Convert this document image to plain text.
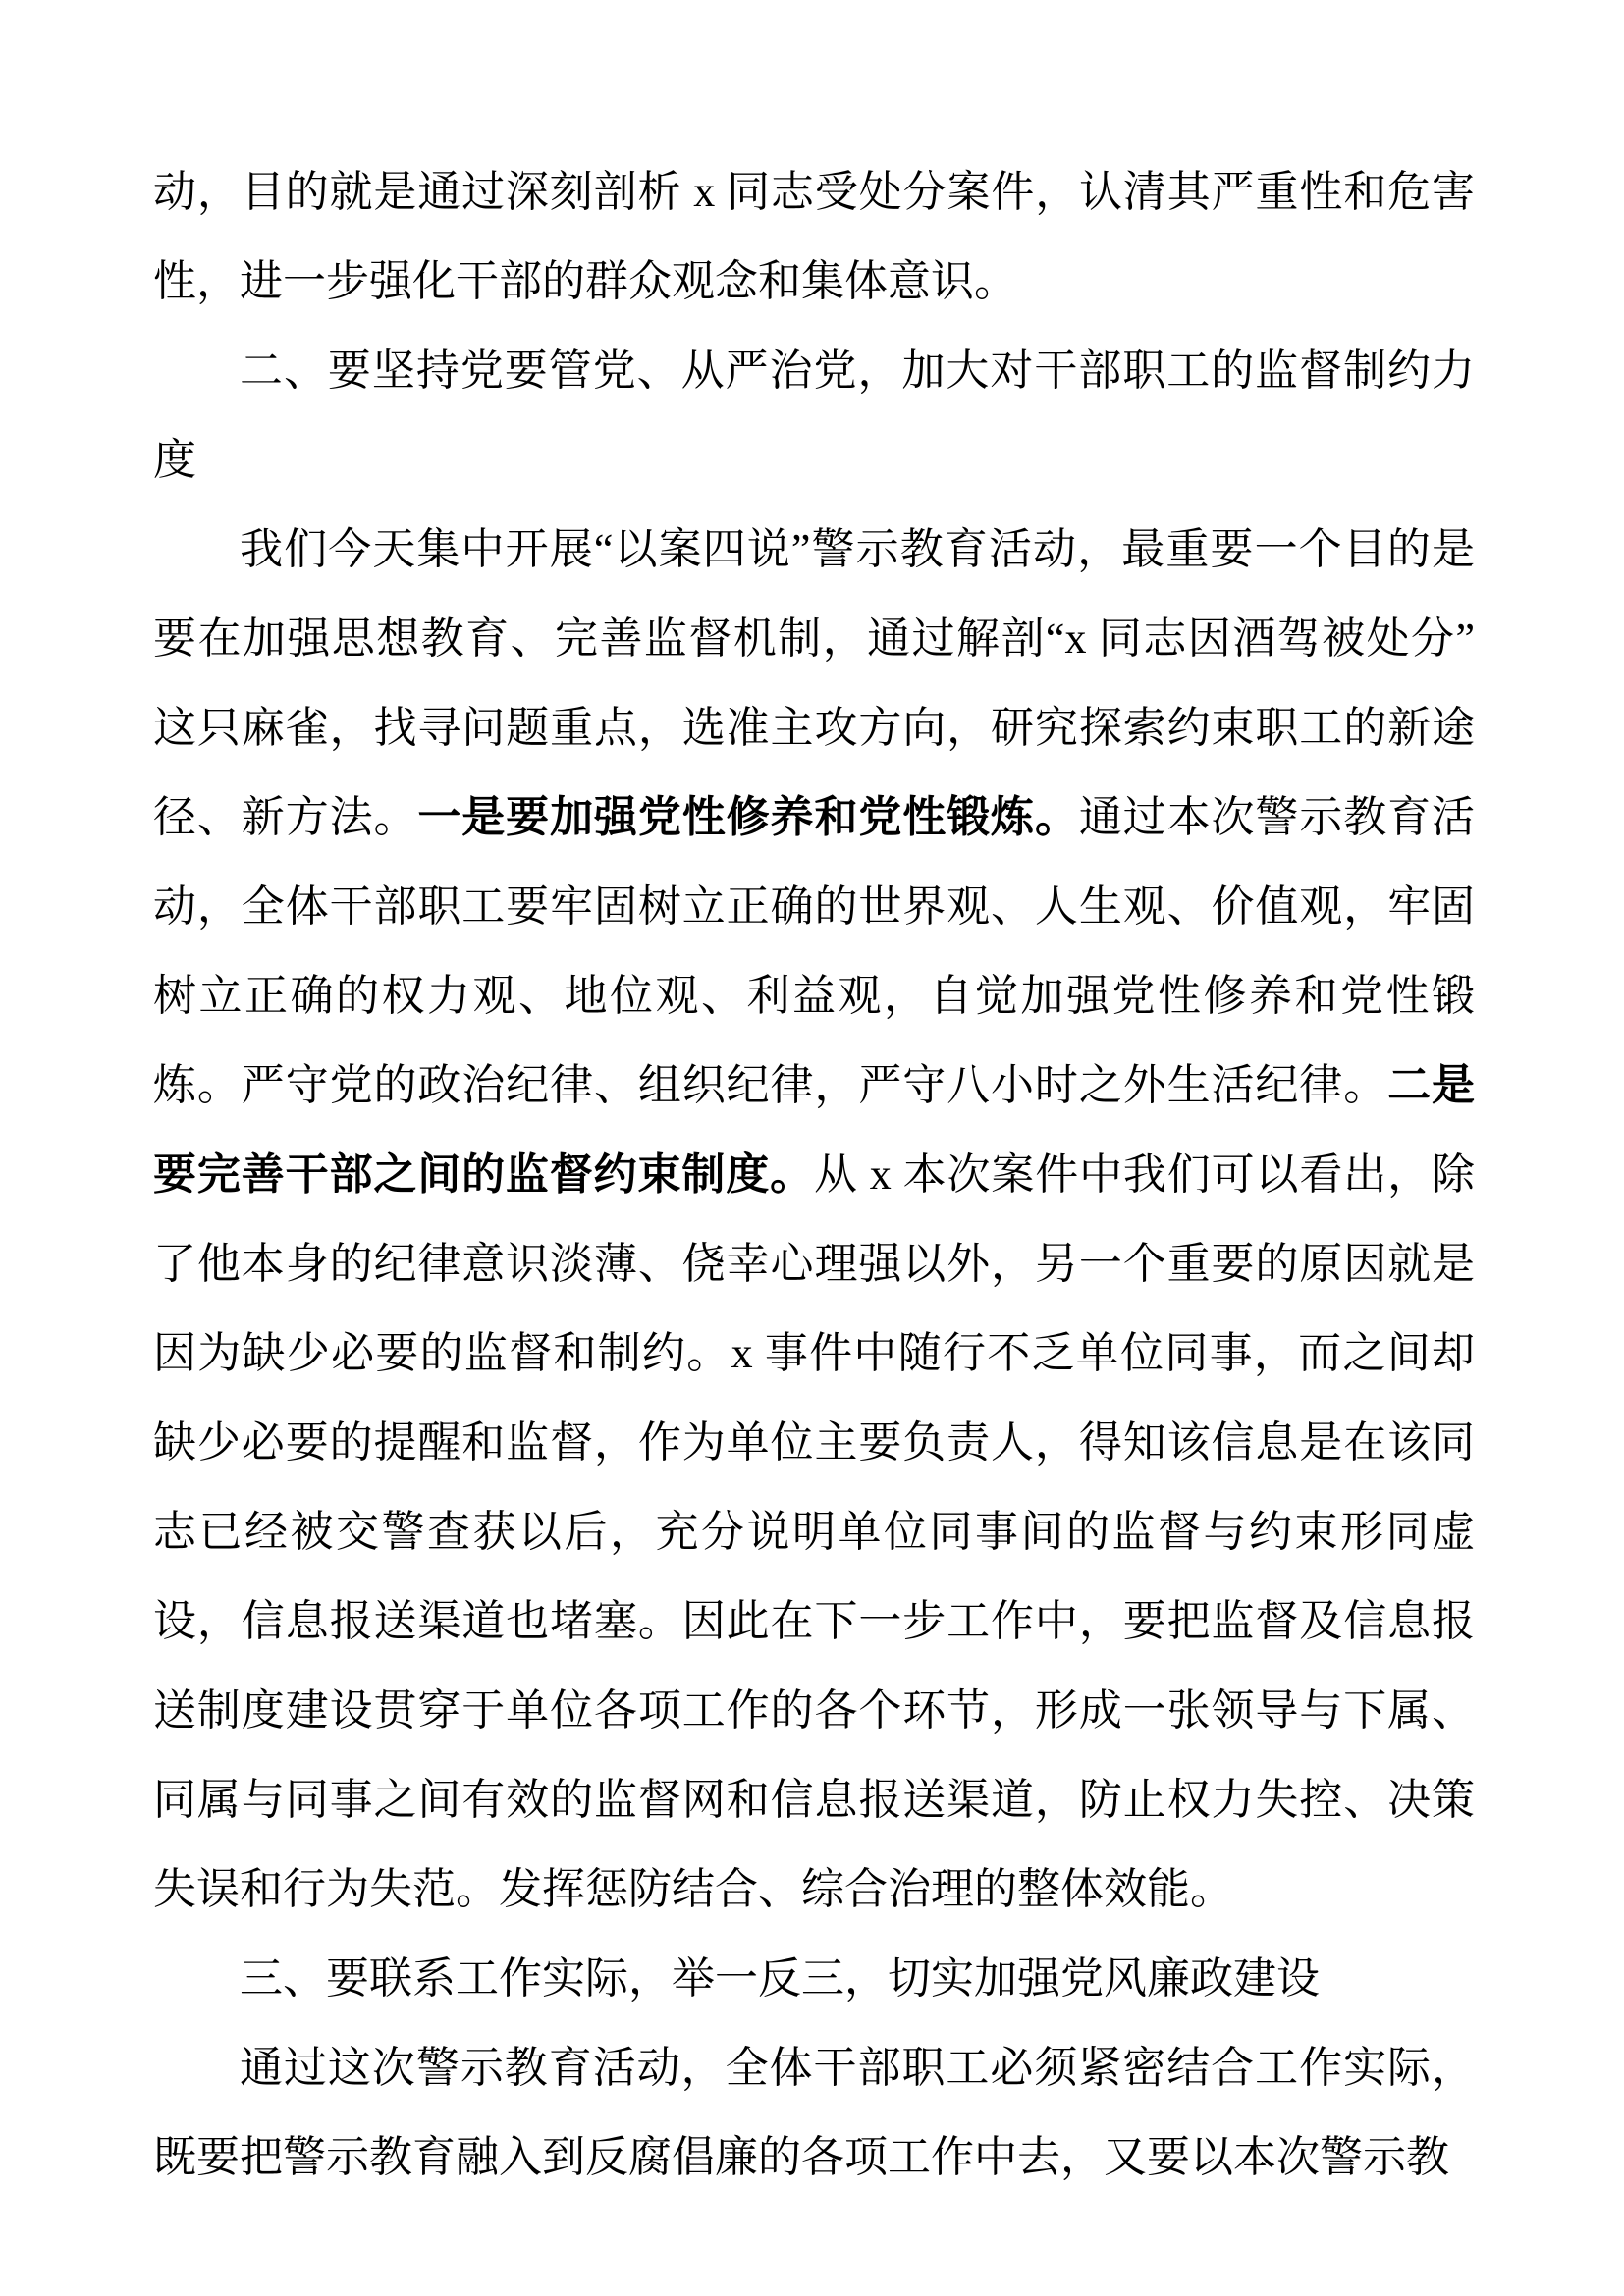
动，目的就是通过深刻剖析 x 同志受处分案件，认清其严重性和危害性，进一步强化干部的群众观念和集体意识。

二、要坚持党要管党、从严治党，加大对干部职工的监督制约力度

我们今天集中开展“以案四说”警示教育活动，最重要一个目的是要在加强思想教育、完善监督机制，通过解剖“x 同志因酒驾被处分”这只麻雀，找寻问题重点，选准主攻方向，研究探索约束职工的新途径、新方法。一是要加强党性修养和党性锻炼。通过本次警示教育活动，全体干部职工要牢固树立正确的世界观、人生观、价值观，牢固树立正确的权力观、地位观、利益观，自觉加强党性修养和党性锻炼。严守党的政治纪律、组织纪律，严守八小时之外生活纪律。二是要完善干部之间的监督约束制度。从 x 本次案件中我们可以看出，除了他本身的纪律意识淡薄、侥幸心理强以外，另一个重要的原因就是因为缺少必要的监督和制约。x 事件中随行不乏单位同事，而之间却缺少必要的提醒和监督，作为单位主要负责人，得知该信息是在该同志已经被交警查获以后，充分说明单位同事间的监督与约束形同虚设，信息报送渠道也堵塞。因此在下一步工作中，要把监督及信息报送制度建设贯穿于单位各项工作的各个环节，形成一张领导与下属、同属与同事之间有效的监督网和信息报送渠道，防止权力失控、决策失误和行为失范。发挥惩防结合、综合治理的整体效能。

三、要联系工作实际，举一反三，切实加强党风廉政建设

通过这次警示教育活动，全体干部职工必须紧密结合工作实际，既要把警示教育融入到反腐倡廉的各项工作中去，又要以本次警示教
